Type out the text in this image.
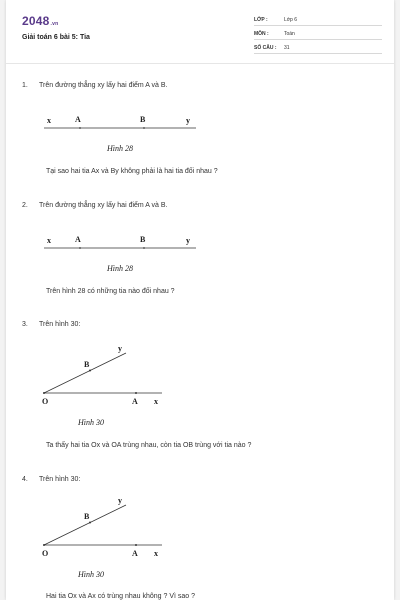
2048.vn
Giải toán 6 bài 5: Tia
LỚP :	Lớp 6
MÔN :	Toán
SỐ CÂU : 31
1. Trên đường thẳng xy lấy hai điểm A và B.
x	A	B	y
Hình 28
Tại sao hai tia Ax và By không phải là hai tia đối nhau ?
2. Trên đường thẳng xy lấy hai điểm A và B.
x	A	B	y
Hình 28
Trên hình 28 có những tia nào đối nhau ?
3. Trên hình 30:
y
B
O	A x
Hình 30
Ta thấy hai tia Ox và OA trùng nhau, còn tia OB trùng với tia nào ?
4. Trên hình 30:
y
B
O	A x
Hình 30
Hai tia Ox và Ax có trùng nhau không ? Vì sao ?
